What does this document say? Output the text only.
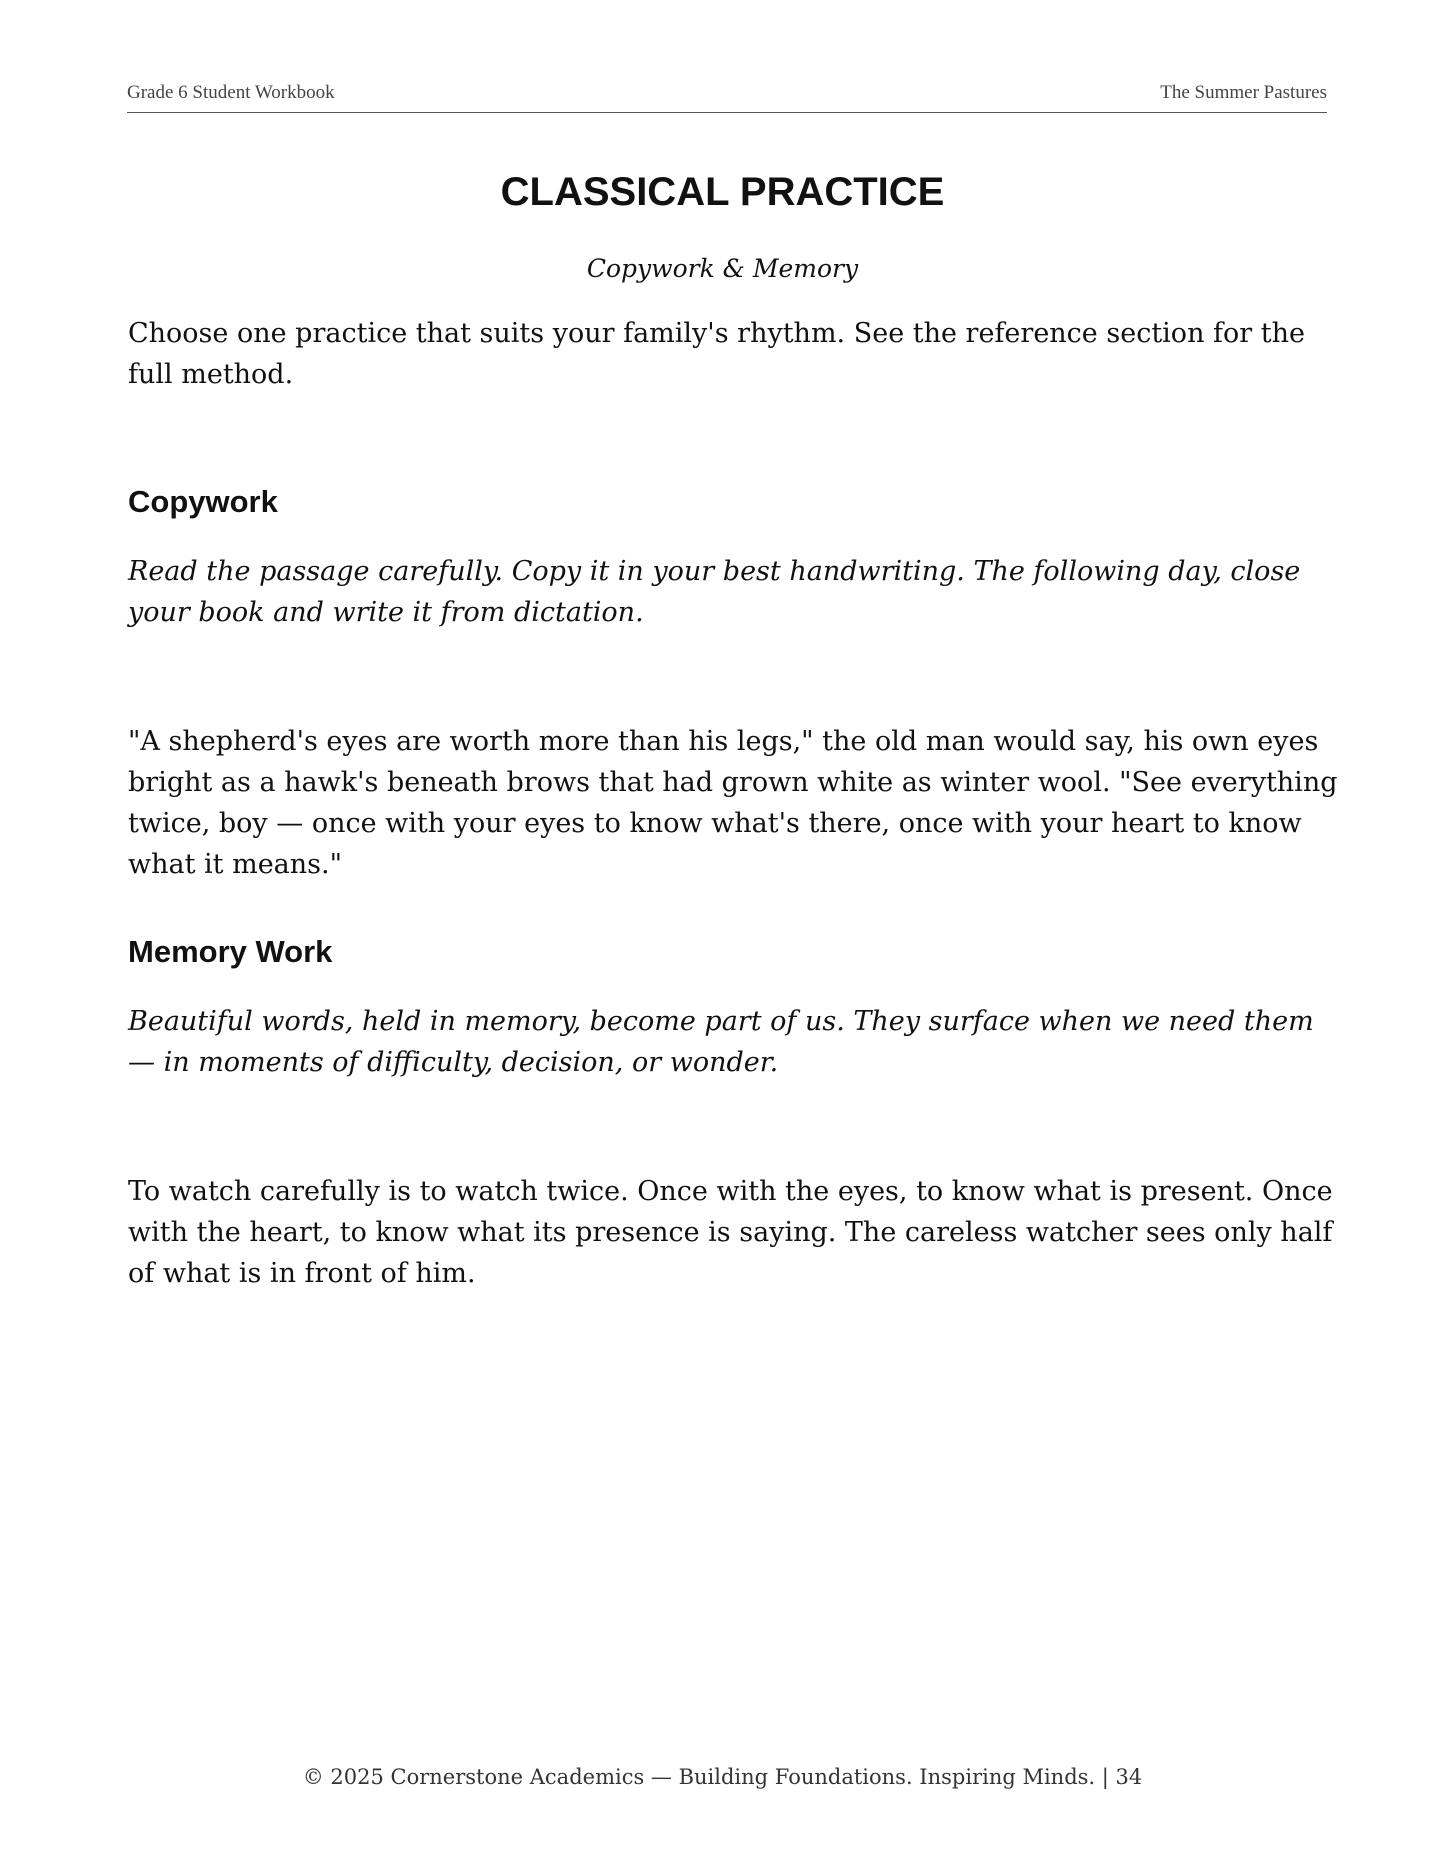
Grade 6 Student Workbook	The Summer Pastures
CLASSICAL PRACTICE

Copywork & Memory

Choose one practice that suits your family's rhythm. See the reference section for the full method.

Copywork

Read the passage carefully. Copy it in your best handwriting. The following day, close your book and write it from dictation.

"A shepherd's eyes are worth more than his legs," the old man would say, his own eyes bright as a hawk's beneath brows that had grown white as winter wool. "See everything twice, boy — once with your eyes to know what's there, once with your heart to know what it means."

Memory Work

Beautiful words, held in memory, become part of us. They surface when we need them — in moments of difficulty, decision, or wonder.

To watch carefully is to watch twice. Once with the eyes, to know what is present. Once with the heart, to know what its presence is saying. The careless watcher sees only half of what is in front of him.

© 2025 Cornerstone Academics — Building Foundations. Inspiring Minds. | 34
